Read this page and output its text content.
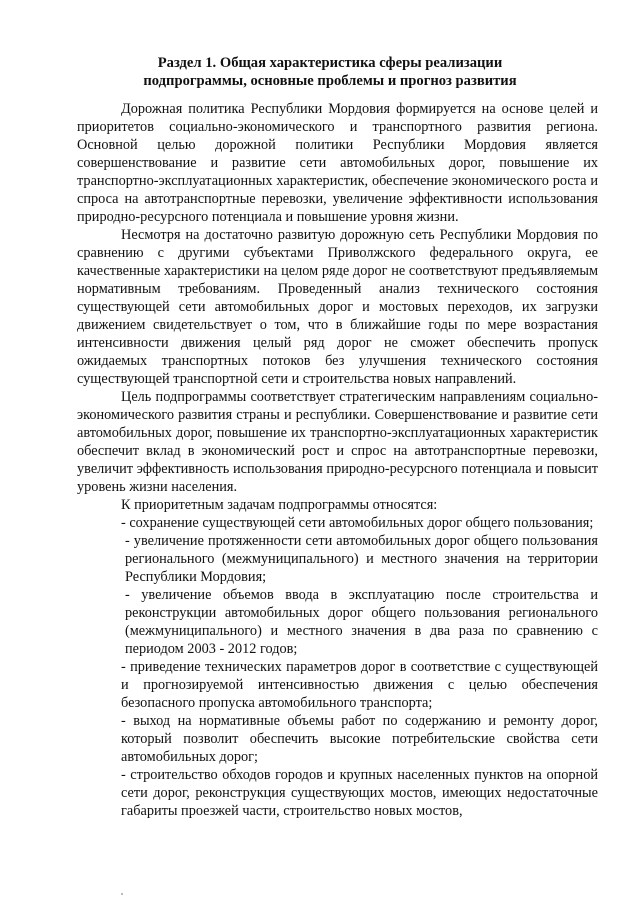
Раздел 1. Общая характеристика сферы реализации
подпрограммы, основные проблемы и прогноз развития

Дорожная политика Республики Мордовия формируется на основе целей и приоритетов социально-экономического и транспортного развития региона. Основной целью дорожной политики Республики Мордовия является совершенствование и развитие сети автомобильных дорог, повышение их транспортно-эксплуатационных характеристик, обеспечение экономического роста и спроса на автотранспортные перевозки, увеличение эффективности использования природно-ресурсного потенциала и повышение уровня жизни.

Несмотря на достаточно развитую дорожную сеть Республики Мордовия по сравнению с другими субъектами Приволжского федерального округа, ее качественные характеристики на целом ряде дорог не соответствуют предъявляемым нормативным требованиям. Проведенный анализ технического состояния существующей сети автомобильных дорог и мостовых переходов, их загрузки движением свидетельствует о том, что в ближайшие годы по мере возрастания интенсивности движения целый ряд дорог не сможет обеспечить пропуск ожидаемых транспортных потоков без улучшения технического состояния существующей транспортной сети и строительства новых направлений.

Цель подпрограммы соответствует стратегическим направлениям социально-экономического развития страны и республики. Совершенствование и развитие сети автомобильных дорог, повышение их транспортно-эксплуатационных характеристик обеспечит вклад в экономический рост и спрос на автотранспортные перевозки, увеличит эффективность использования природно-ресурсного потенциала и повысит уровень жизни населения.

К приоритетным задачам подпрограммы относятся:

- сохранение существующей сети автомобильных дорог общего пользования;

- увеличение протяженности сети автомобильных дорог общего пользования регионального (межмуниципального) и местного значения на территории Республики Мордовия;

- увеличение объемов ввода в эксплуатацию после строительства и реконструкции автомобильных дорог общего пользования регионального (межмуниципального) и местного значения в два раза по сравнению с периодом 2003 - 2012 годов;

- приведение технических параметров дорог в соответствие с существующей и прогнозируемой интенсивностью движения с целью обеспечения безопасного пропуска автомобильного транспорта;

- выход на нормативные объемы работ по содержанию и ремонту дорог, который позволит обеспечить высокие потребительские свойства сети автомобильных дорог;

- строительство обходов городов и крупных населенных пунктов на опорной сети дорог, реконструкция существующих мостов, имеющих недостаточные габариты проезжей части, строительство новых мостов,
